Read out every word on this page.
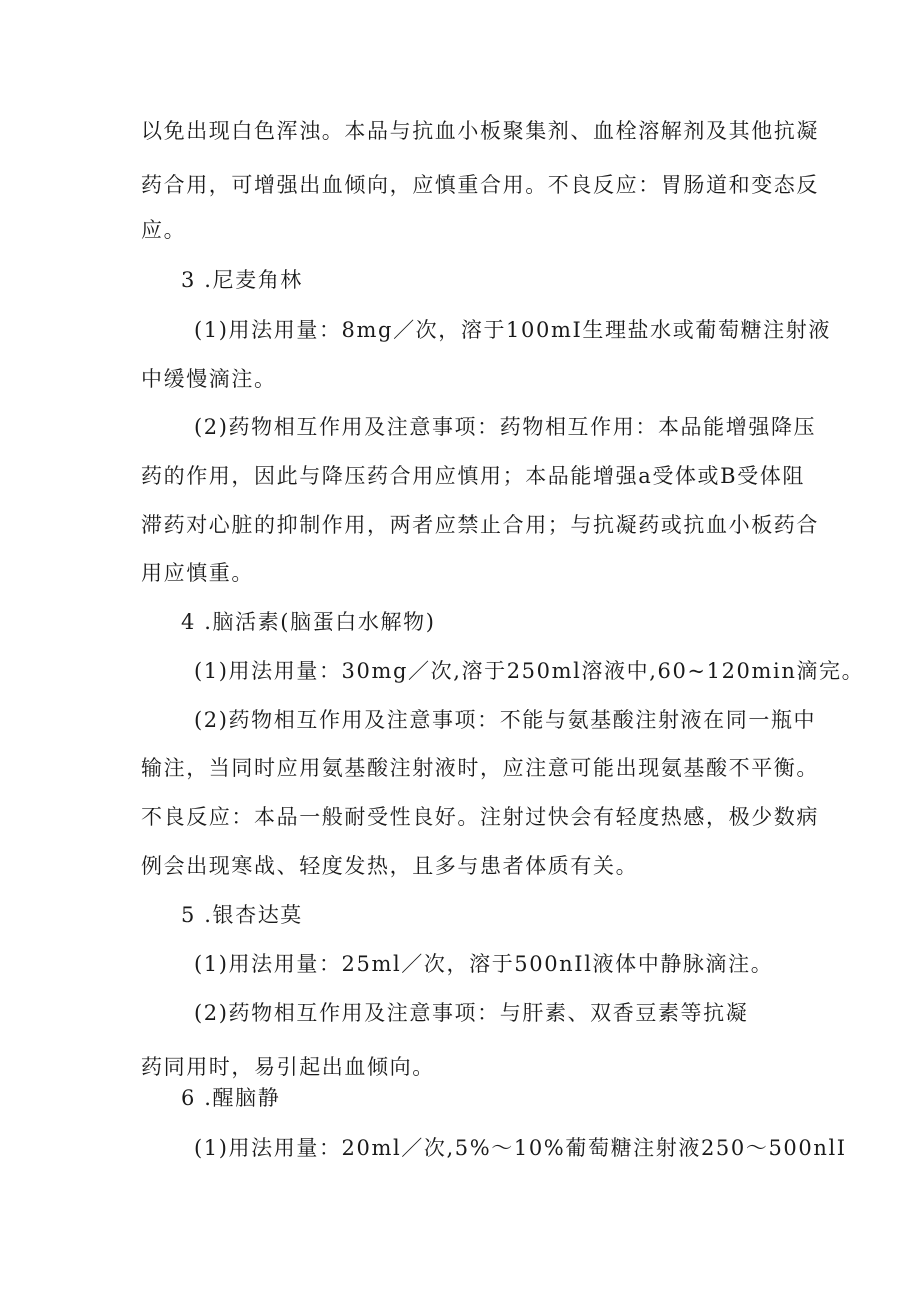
以免出现白色浑浊。本品与抗血小板聚集剂、血栓溶解剂及其他抗凝
药合用，可增强出血倾向，应慎重合用。不良反应：胃肠道和变态反
应。
3 .尼麦角林
(1)用法用量：8mg／次，溶于100mI生理盐水或葡萄糖注射液
中缓慢滴注。
(2)药物相互作用及注意事项：药物相互作用：本品能增强降压
药的作用，因此与降压药合用应慎用；本品能增强a受体或B受体阻
滞药对心脏的抑制作用，两者应禁止合用；与抗凝药或抗血小板药合
用应慎重。
4 .脑活素(脑蛋白水解物)
(1)用法用量：30mg／次,溶于250ml溶液中,60~120min滴完。
(2)药物相互作用及注意事项：不能与氨基酸注射液在同一瓶中
输注，当同时应用氨基酸注射液时，应注意可能出现氨基酸不平衡。
不良反应：本品一般耐受性良好。注射过快会有轻度热感，极少数病
例会出现寒战、轻度发热，且多与患者体质有关。
5 .银杏达莫
(1)用法用量：25ml／次，溶于500nIl液体中静脉滴注。
(2)药物相互作用及注意事项：与肝素、双香豆素等抗凝
药同用时，易引起出血倾向。
6 .醒脑静
(1)用法用量：20ml／次,5%～10%葡萄糖注射液250～500nlI
